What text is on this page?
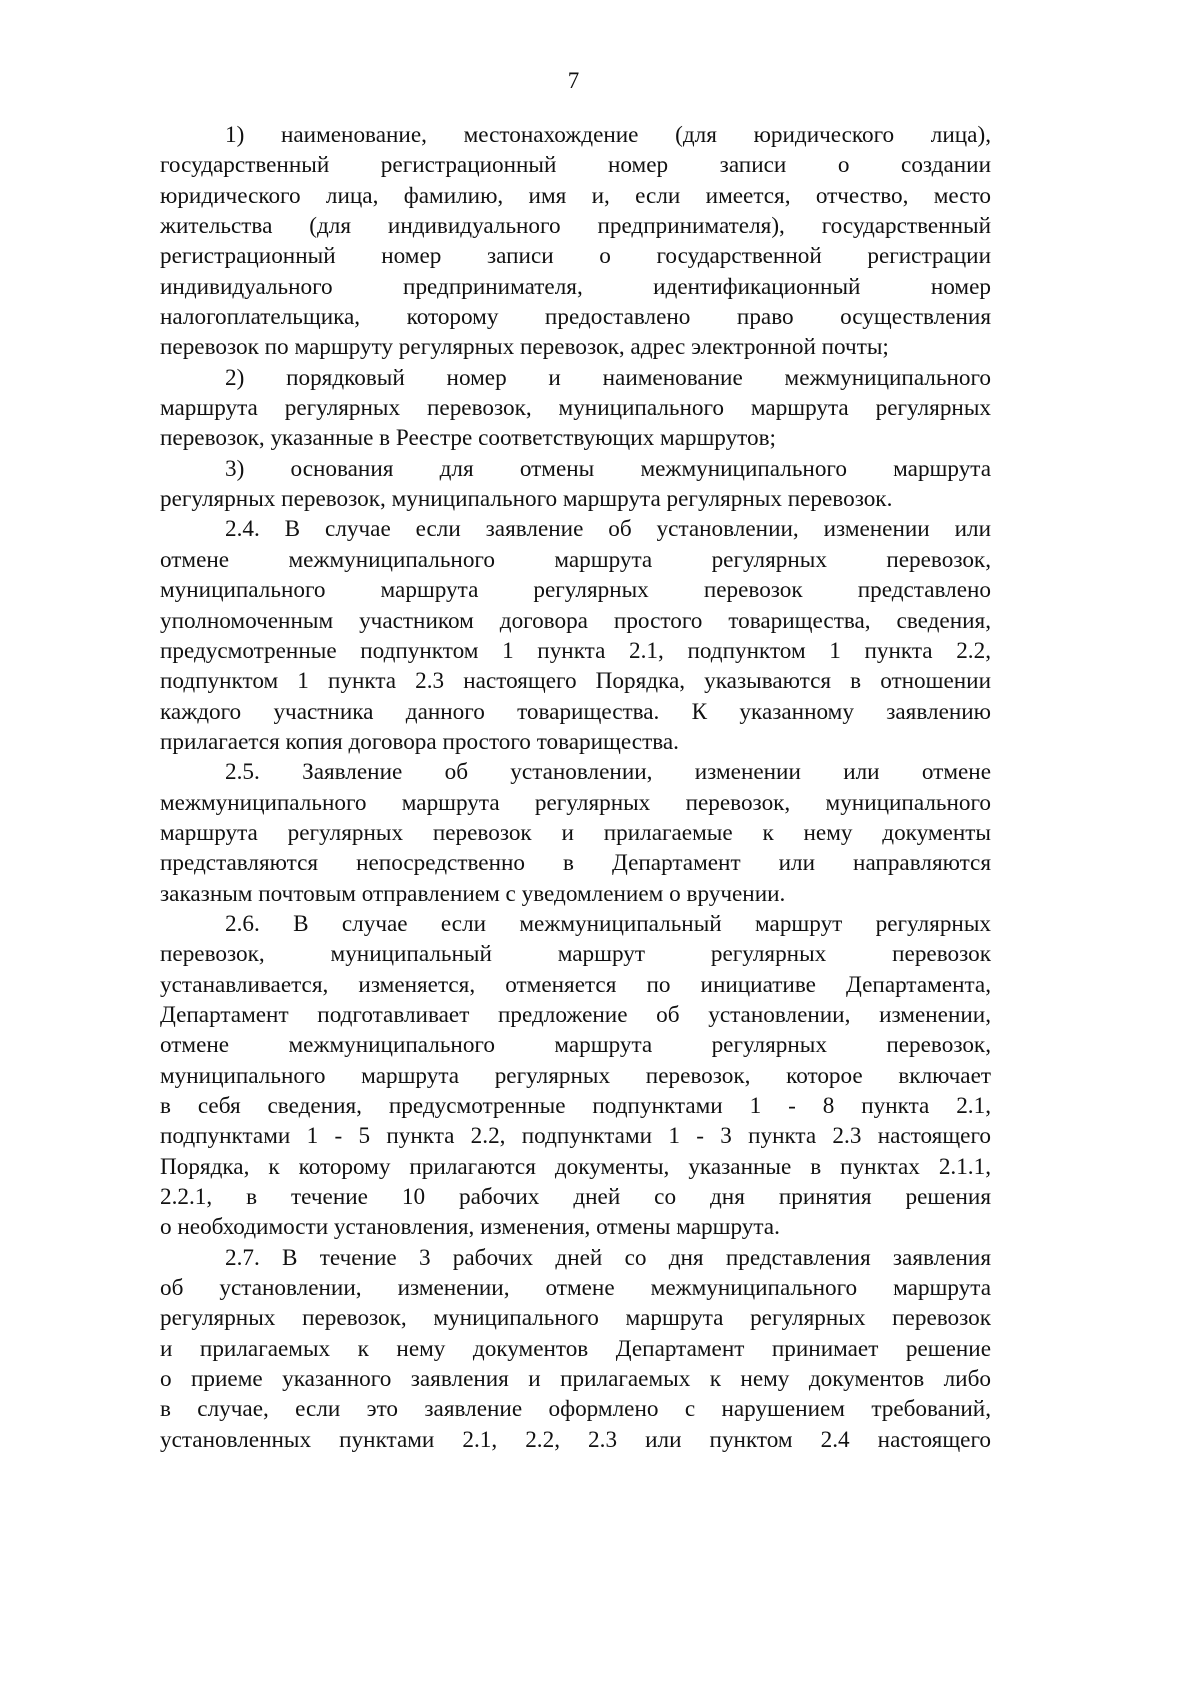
7
1) наименование, местонахождение (для юридического лица),
государственный регистрационный номер записи о создании
юридического лица, фамилию, имя и, если имеется, отчество, место
жительства (для индивидуального предпринимателя), государственный
регистрационный номер записи о государственной регистрации
индивидуального предпринимателя, идентификационный номер
налогоплательщика, которому предоставлено право осуществления
перевозок по маршруту регулярных перевозок, адрес электронной почты;
2) порядковый номер и наименование межмуниципального
маршрута регулярных перевозок, муниципального маршрута регулярных
перевозок, указанные в Реестре соответствующих маршрутов;
3) основания для отмены межмуниципального маршрута
регулярных перевозок, муниципального маршрута регулярных перевозок.
2.4. В случае если заявление об установлении, изменении или
отмене межмуниципального маршрута регулярных перевозок,
муниципального маршрута регулярных перевозок представлено
уполномоченным участником договора простого товарищества, сведения,
предусмотренные подпунктом 1 пункта 2.1, подпунктом 1 пункта 2.2,
подпунктом 1 пункта 2.3 настоящего Порядка, указываются в отношении
каждого участника данного товарищества. К указанному заявлению
прилагается копия договора простого товарищества.
2.5. Заявление об установлении, изменении или отмене
межмуниципального маршрута регулярных перевозок, муниципального
маршрута регулярных перевозок и прилагаемые к нему документы
представляются непосредственно в Департамент или направляются
заказным почтовым отправлением с уведомлением о вручении.
2.6. В случае если межмуниципальный маршрут регулярных
перевозок, муниципальный маршрут регулярных перевозок
устанавливается, изменяется, отменяется по инициативе Департамента,
Департамент подготавливает предложение об установлении, изменении,
отмене межмуниципального маршрута регулярных перевозок,
муниципального маршрута регулярных перевозок, которое включает
в себя сведения, предусмотренные подпунктами 1 - 8 пункта 2.1,
подпунктами 1 - 5 пункта 2.2, подпунктами 1 - 3 пункта 2.3 настоящего
Порядка, к которому прилагаются документы, указанные в пунктах 2.1.1,
2.2.1, в течение 10 рабочих дней со дня принятия решения
о необходимости установления, изменения, отмены маршрута.
2.7. В течение 3 рабочих дней со дня представления заявления
об установлении, изменении, отмене межмуниципального маршрута
регулярных перевозок, муниципального маршрута регулярных перевозок
и прилагаемых к нему документов Департамент принимает решение
о приеме указанного заявления и прилагаемых к нему документов либо
в случае, если это заявление оформлено с нарушением требований,
установленных пунктами 2.1, 2.2, 2.3 или пунктом 2.4 настоящего
